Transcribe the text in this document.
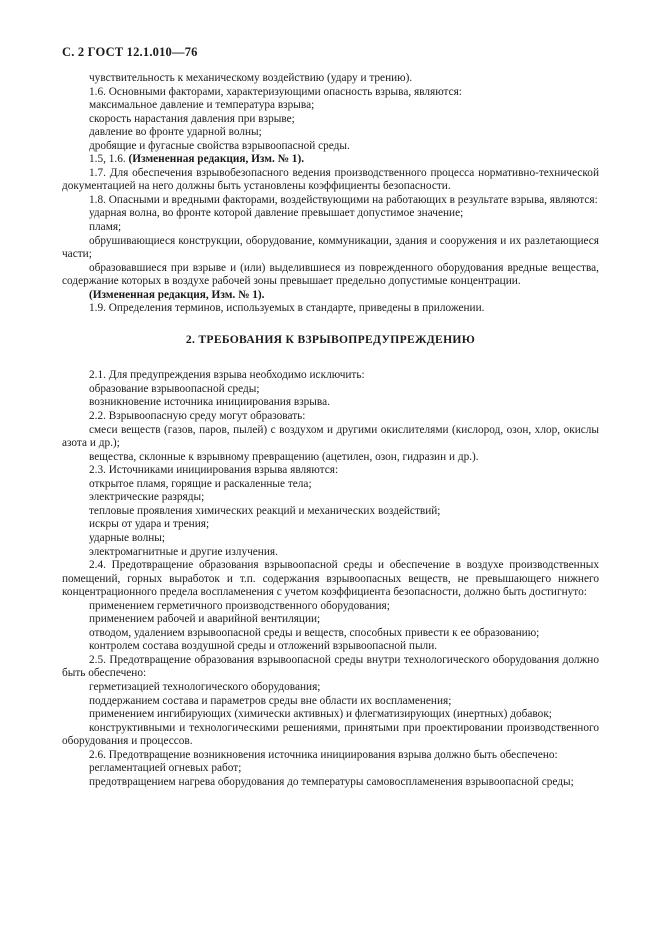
С. 2 ГОСТ 12.1.010—76

чувствительность к механическому воздействию (удару и трению).

1.6. Основными факторами, характеризующими опасность взрыва, являются:

максимальное давление и температура взрыва;

скорость нарастания давления при взрыве;

давление во фронте ударной волны;

дробящие и фугасные свойства взрывоопасной среды.

1.5, 1.6. (Измененная редакция, Изм. № 1).

1.7. Для обеспечения взрывобезопасного ведения производственного процесса нормативно-технической документацией на него должны быть установлены коэффициенты безопасности.

1.8. Опасными и вредными факторами, воздействующими на работающих в результате взрыва, являются:

ударная волна, во фронте которой давление превышает допустимое значение;

пламя;

обрушивающиеся конструкции, оборудование, коммуникации, здания и сооружения и их разлетающиеся части;

образовавшиеся при взрыве и (или) выделившиеся из поврежденного оборудования вредные вещества, содержание которых в воздухе рабочей зоны превышает предельно допустимые концентрации.

(Измененная редакция, Изм. № 1).

1.9. Определения терминов, используемых в стандарте, приведены в приложении.

2. ТРЕБОВАНИЯ К ВЗРЫВОПРЕДУПРЕЖДЕНИЮ

2.1. Для предупреждения взрыва необходимо исключить:

образование взрывоопасной среды;

возникновение источника инициирования взрыва.

2.2. Взрывоопасную среду могут образовать:

смеси веществ (газов, паров, пылей) с воздухом и другими окислителями (кислород, озон, хлор, окислы азота и др.);

вещества, склонные к взрывному превращению (ацетилен, озон, гидразин и др.).

2.3. Источниками инициирования взрыва являются:

открытое пламя, горящие и раскаленные тела;

электрические разряды;

тепловые проявления химических реакций и механических воздействий;

искры от удара и трения;

ударные волны;

электромагнитные и другие излучения.

2.4. Предотвращение образования взрывоопасной среды и обеспечение в воздухе производственных помещений, горных выработок и т.п. содержания взрывоопасных веществ, не превышающего нижнего концентрационного предела воспламенения с учетом коэффициента безопасности, должно быть достигнуто:

применением герметичного производственного оборудования;

применением рабочей и аварийной вентиляции;

отводом, удалением взрывоопасной среды и веществ, способных привести к ее образованию;

контролем состава воздушной среды и отложений взрывоопасной пыли.

2.5. Предотвращение образования взрывоопасной среды внутри технологического оборудования должно быть обеспечено:

герметизацией технологического оборудования;

поддержанием состава и параметров среды вне области их воспламенения;

применением ингибирующих (химически активных) и флегматизирующих (инертных) добавок;

конструктивными и технологическими решениями, принятыми при проектировании производственного оборудования и процессов.

2.6. Предотвращение возникновения источника инициирования взрыва должно быть обеспечено:

регламентацией огневых работ;

предотвращением нагрева оборудования до температуры самовоспламенения взрывоопасной среды;
